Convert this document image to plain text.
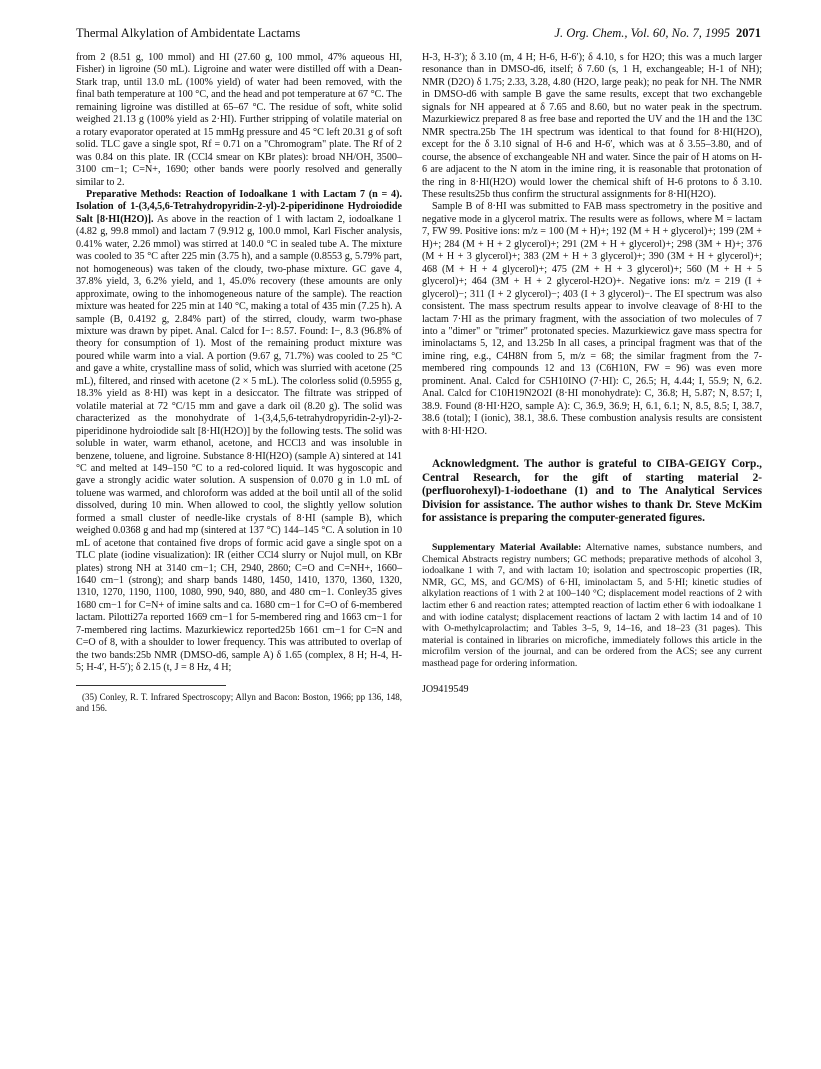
Thermal Alkylation of Ambidentate Lactams	J. Org. Chem., Vol. 60, No. 7, 1995 2071

from 2 (8.51 g, 100 mmol) and HI (27.60 g, 100 mmol, 47% aqueous HI, Fisher) in ligroine (50 mL). Ligroine and water were distilled off with a Dean-Stark trap, until 13.0 mL (100% yield) of water had been removed, with the final bath temperature at 100 °C, and the head and pot temperature at 67 °C. The remaining ligroine was distilled at 65–67 °C. The residue of soft, white solid weighed 21.13 g (100% yield as 2·HI). Further stripping of volatile material on a rotary evaporator operated at 15 mmHg pressure and 45 °C left 20.31 g of soft solid. TLC gave a single spot, Rf = 0.71 on a "Chromogram" plate. The Rf of 2 was 0.84 on this plate. IR (CCl4 smear on KBr plates): broad NH/OH, 3500–3100 cm−1; C=N+, 1690; other bands were poorly resolved and generally similar to 2.

Preparative Methods: Reaction of Iodoalkane 1 with Lactam 7 (n = 4). Isolation of 1-(3,4,5,6-Tetrahydropyridin-2-yl)-2-piperidinone Hydroiodide Salt [8·HI(H2O)]. As above in the reaction of 1 with lactam 2, iodoalkane 1 (4.82 g, 99.8 mmol) and lactam 7 (9.912 g, 100.0 mmol, Karl Fischer analysis, 0.41% water, 2.26 mmol) was stirred at 140.0 °C in sealed tube A. The mixture was cooled to 35 °C after 225 min (3.75 h), and a sample (0.8553 g, 5.79% part, not homogeneous) was taken of the cloudy, two-phase mixture. GC gave 4, 37.8% yield, 3, 6.2% yield, and 1, 45.0% recovery (these amounts are only approximate, owing to the inhomogeneous nature of the sample). The reaction mixture was heated for 225 min at 140 °C, making a total of 435 min (7.25 h). A sample (B, 0.4192 g, 2.84% part) of the stirred, cloudy, warm two-phase mixture was drawn by pipet. Anal. Calcd for I−: 8.57. Found: I−, 8.3 (96.8% of theory for consumption of 1). Most of the remaining product mixture was poured while warm into a vial. A portion (9.67 g, 71.7%) was cooled to 25 °C and gave a white, crystalline mass of solid, which was slurried with acetone (25 mL), filtered, and rinsed with acetone (2 × 5 mL). The colorless solid (0.5955 g, 18.3% yield as 8·HI) was kept in a desiccator. The filtrate was stripped of volatile material at 72 °C/15 mm and gave a dark oil (8.20 g). The solid was characterized as the monohydrate of 1-(3,4,5,6-tetrahydropyridin-2-yl)-2-piperidinone hydroiodide salt [8·HI(H2O)] by the following tests. The solid was soluble in water, warm ethanol, acetone, and HCCl3 and was insoluble in benzene, toluene, and ligroine. Substance 8·HI(H2O) (sample A) sintered at 141 °C and melted at 149–150 °C to a red-colored liquid. It was hygoscopic and gave a strongly acidic water solution. A suspension of 0.070 g in 1.0 mL of toluene was warmed, and chloroform was added at the boil until all of the solid dissolved, during 10 min. When allowed to cool, the slightly yellow solution formed a small cluster of needle-like crystals of 8·HI (sample B), which weighed 0.0368 g and had mp (sintered at 137 °C) 144–145 °C. A solution in 10 mL of acetone that contained five drops of formic acid gave a single spot on a TLC plate (iodine visualization): IR (either CCl4 slurry or Nujol mull, on KBr plates) strong NH at 3140 cm−1; CH, 2940, 2860; C=O and C=NH+, 1660–1640 cm−1 (strong); and sharp bands 1480, 1450, 1410, 1370, 1360, 1320, 1310, 1270, 1190, 1100, 1080, 990, 940, 880, and 480 cm−1. Conley35 gives 1680 cm−1 for C=N+ of imine salts and ca. 1680 cm−1 for C=O of 6-membered lactam. Pilotti27a reported 1669 cm−1 for 5-membered ring and 1663 cm−1 for 7-membered ring lactims. Mazurkiewicz reported25b 1661 cm−1 for C=N and C=O of 8, with a shoulder to lower frequency. This was attributed to overlap of the two bands:25b NMR (DMSO-d6, sample A) δ 1.65 (complex, 8 H; H-4, H-5; H-4′, H-5′); δ 2.15 (t, J = 8 Hz, 4 H;

(35) Conley, R. T. Infrared Spectroscopy; Allyn and Bacon: Boston, 1966; pp 136, 148, and 156.

H-3, H-3′); δ 3.10 (m, 4 H; H-6, H-6′); δ 4.10, s for H2O; this was a much larger resonance than in DMSO-d6, itself; δ 7.60 (s, 1 H, exchangeable; H-1 of NH); NMR (D2O) δ 1.75; 2.33, 3.28, 4.80 (H2O, large peak); no peak for NH. The NMR in DMSO-d6 with sample B gave the same results, except that two exchangeble signals for NH appeared at δ 7.65 and 8.60, but no water peak in the spectrum. Mazurkiewicz prepared 8 as free base and reported the UV and the 1H and the 13C NMR spectra.25b The 1H spectrum was identical to that found for 8·HI(H2O), except for the δ 3.10 signal of H-6 and H-6′, which was at δ 3.55–3.80, and of course, the absence of exchangeable NH and water. Since the pair of H atoms on H-6 are adjacent to the N atom in the imine ring, it is reasonable that protonation of the ring in 8·HI(H2O) would lower the chemical shift of H-6 protons to δ 3.10. These results25b thus confirm the structural assignments for 8·HI(H2O).

Sample B of 8·HI was submitted to FAB mass spectrometry in the positive and negative mode in a glycerol matrix. The results were as follows, where M = lactam 7, FW 99. Positive ions: m/z = 100 (M + H)+; 192 (M + H + glycerol)+; 199 (2M + H)+; 284 (M + H + 2 glycerol)+; 291 (2M + H + glycerol)+; 298 (3M + H)+; 376 (M + H + 3 glycerol)+; 383 (2M + H + 3 glycerol)+; 390 (3M + H + glycerol)+; 468 (M + H + 4 glycerol)+; 475 (2M + H + 3 glycerol)+; 560 (M + H + 5 glycerol)+; 464 (3M + H + 2 glycerol-H2O)+. Negative ions: m/z = 219 (I + glycerol)−; 311 (I + 2 glycerol)−; 403 (I + 3 glycerol)−. The EI spectrum was also consistent. The mass spectrum results appear to involve cleavage of 8·HI to the lactam 7·HI as the primary fragment, with the association of two molecules of 7 into a "dimer" or "trimer" protonated species. Mazurkiewicz gave mass spectra for iminolactams 5, 12, and 13.25b In all cases, a principal fragment was that of the imine ring, e.g., C4H8N from 5, m/z = 68; the similar fragment from the 7-membered ring compounds 12 and 13 (C6H10N, FW = 96) was even more prominent. Anal. Calcd for C5H10INO (7·HI): C, 26.5; H, 4.44; I, 55.9; N, 6.2. Anal. Calcd for C10H19N2O2I (8·HI monohydrate): C, 36.8; H, 5.87; N, 8.57; I, 38.9. Found (8·HI·H2O, sample A): C, 36.9, 36.9; H, 6.1, 6.1; N, 8.5, 8.5; I, 38.7, 38.6 (total); I (ionic), 38.1, 38.6. These combustion analysis results are consistent with 8·HI·H2O.

Acknowledgment. The author is grateful to CIBA-GEIGY Corp., Central Research, for the gift of starting material 2-(perfluorohexyl)-1-iodoethane (1) and to The Analytical Services Division for assistance. The author wishes to thank Dr. Steve McKim for assistance is preparing the computer-generated figures.

Supplementary Material Available: Alternative names, substance numbers, and Chemical Abstracts registry numbers; GC methods; preparative methods of alcohol 3, iodoalkane 1 with 7, and with lactam 10; isolation and spectroscopic properties (IR, NMR, GC, MS, and GC/MS) of 6·HI, iminolactam 5, and 5·HI; kinetic studies of alkylation reactions of 1 with 2 at 100–140 °C; displacement model reactions of 2 with lactim ether 6 and reaction rates; attempted reaction of lactim ether 6 with iodoalkane 1 and with iodine catalyst; displacement reactions of lactam 2 with lactim 14 and of 10 with O-methylcaprolactim; and Tables 3–5, 9, 14–16, and 18–23 (31 pages). This material is contained in libraries on microfiche, immediately follows this article in the microfilm version of the journal, and can be ordered from the ACS; see any current masthead page for ordering information.

JO9419549
